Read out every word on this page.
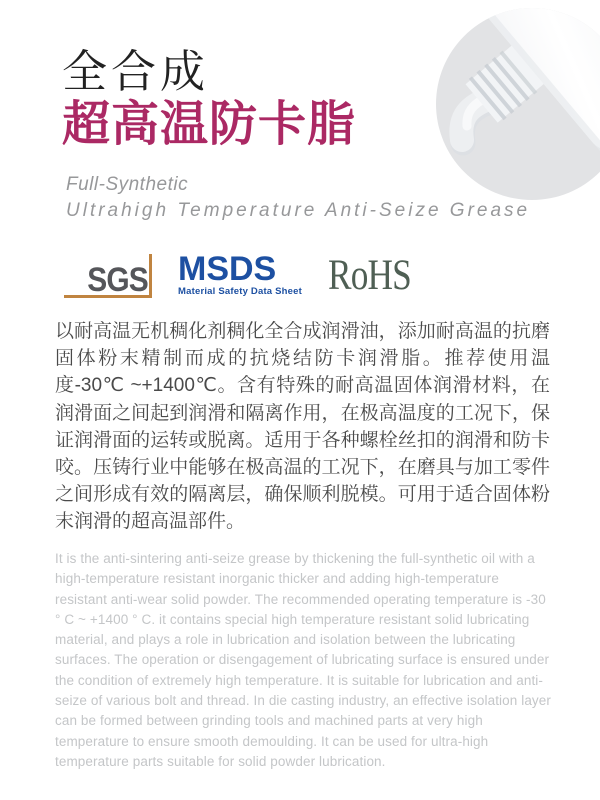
全合成
超高温防卡脂
Full-Synthetic
Ultrahigh Temperature Anti-Seize Grease
SGS MSDS
Material Safety Data Sheet RoHS

以耐高温无机稠化剂稠化全合成润滑油，添加耐高温的抗磨固体粉末精制而成的抗烧结防卡润滑脂。推荐使用温度-30℃ ~+1400℃。含有特殊的耐高温固体润滑材料，在润滑面之间起到润滑和隔离作用，在极高温度的工况下，保证润滑面的运转或脱离。适用于各种螺栓丝扣的润滑和防卡咬。压铸行业中能够在极高温的工况下，在磨具与加工零件之间形成有效的隔离层，确保顺利脱模。可用于适合固体粉末润滑的超高温部件。

It is the anti-sintering anti-seize grease by thickening the full-synthetic oil with a high-temperature resistant inorganic thicker and adding high-temperature resistant anti-wear solid powder. The recommended operating temperature is -30 ° C ~ +1400 ° C. it contains special high temperature resistant solid lubricating material, and plays a role in lubrication and isolation between the lubricating surfaces. The operation or disengagement of lubricating surface is ensured under the condition of extremely high temperature. It is suitable for lubrication and anti-seize of various bolt and thread. In die casting industry, an effective isolation layer can be formed between grinding tools and machined parts at very high temperature to ensure smooth demoulding. It can be used for ultra-high temperature parts suitable for solid powder lubrication.
